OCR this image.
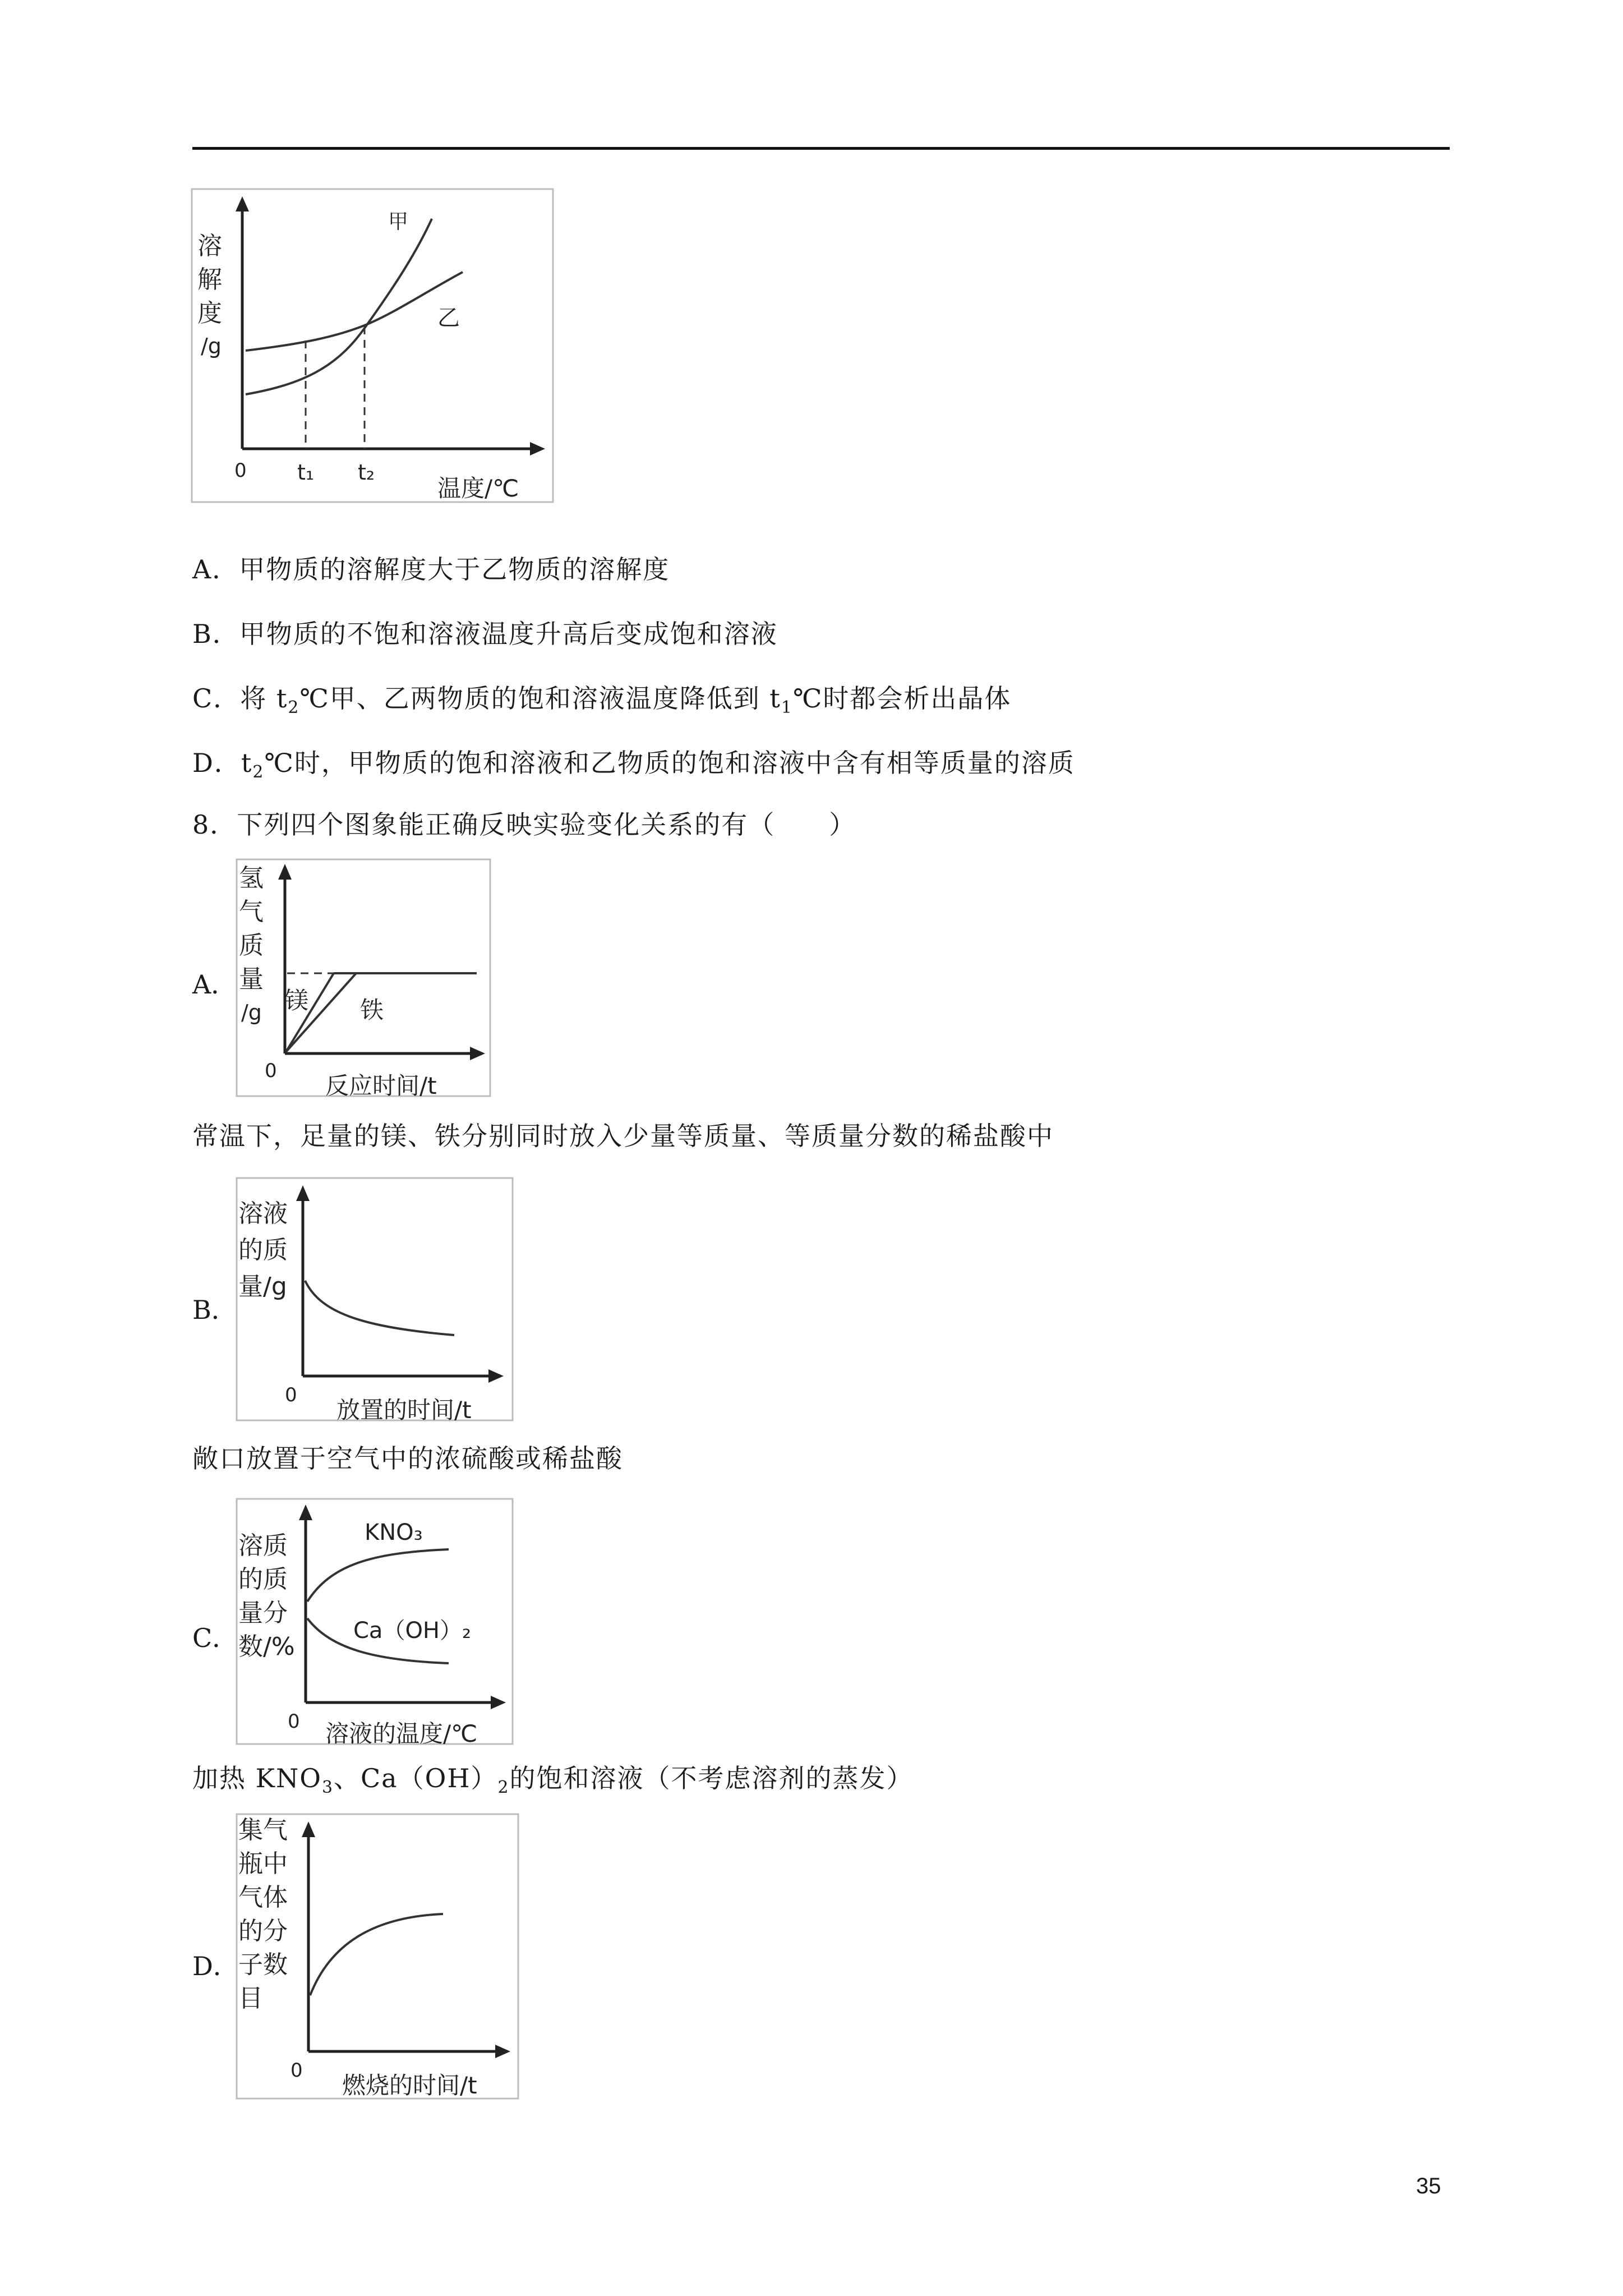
溶
解
度
/g
甲
乙
0 t₁ t₂
温度/℃
A．甲物质的溶解度大于乙物质的溶解度
B．甲物质的不饱和溶液温度升高后变成饱和溶液
C．将 $t_2℃$甲、乙两物质的饱和溶液温度降低到 $t_1℃$时都会析出晶体
D．$t_2℃$时，甲物质的饱和溶液和乙物质的饱和溶液中含有相等质量的溶质
8．下列四个图象能正确反映实验变化关系的有（　　）
A．
氢
气
质
量
/g 镁 铁
0
反应时间/t
常温下，足量的镁、铁分别同时放入少量等质量、等质量分数的稀盐酸中
B．
溶液
的质
量/g
0
放置的时间/t
敞口放置于空气中的浓硫酸或稀盐酸
C．
溶质
的质
量分
数/%
KNO₃
Ca（OH）₂
0 溶液的温度/℃
加热 $KNO_3$、$Ca(OH)_2$的饱和溶液（不考虑溶剂的蒸发）
D．
集气
瓶中
气体
的分
子数
目
0
燃烧的时间/t
35
